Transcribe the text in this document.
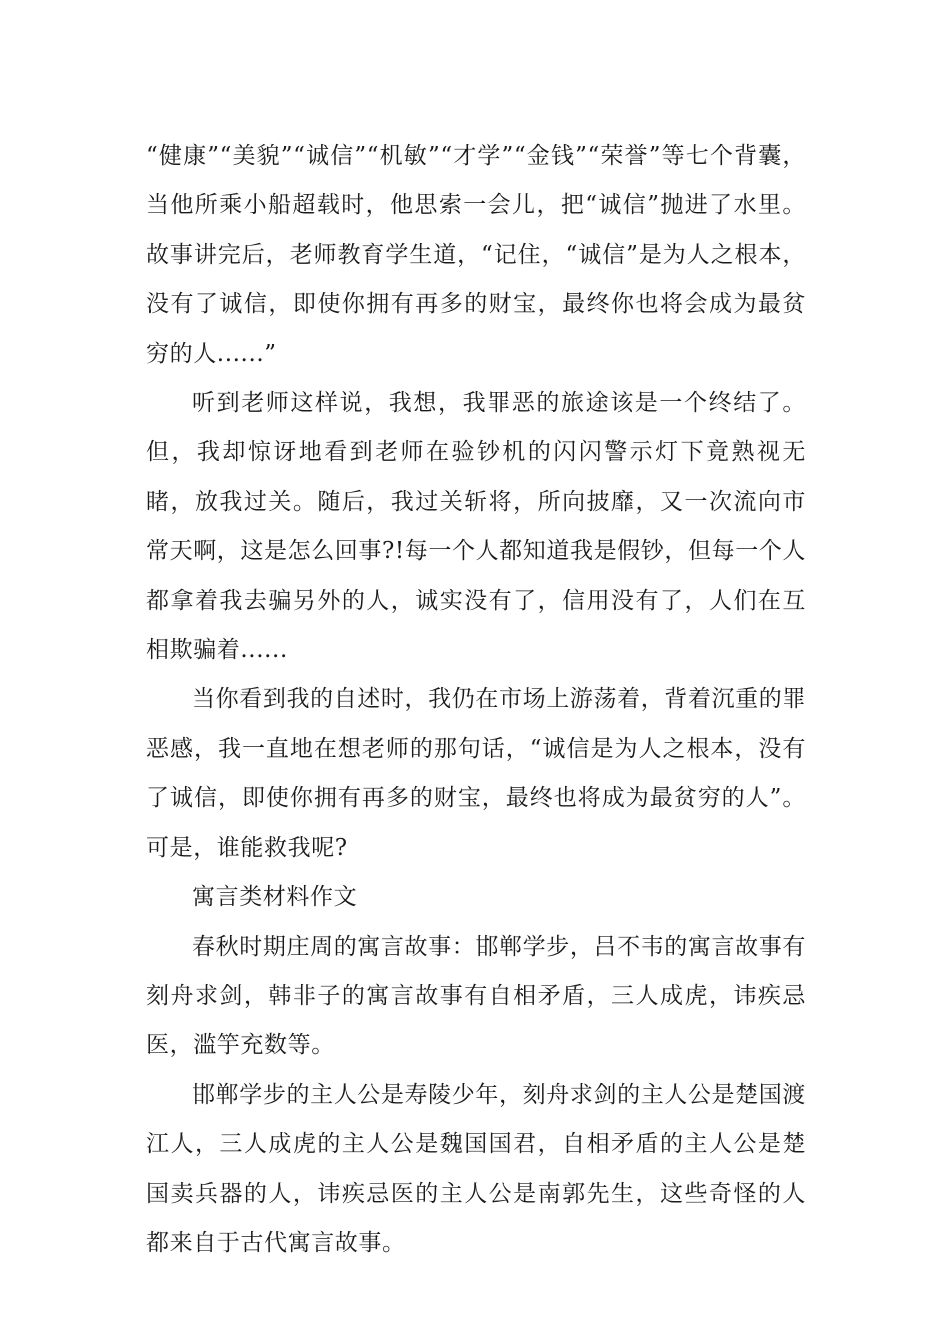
“健康”“美貌”“诚信”“机敏”“才学”“金钱”“荣誉”等七个背囊，当他所乘小船超载时，他思索一会儿，把“诚信”抛进了水里。故事讲完后，老师教育学生道，“记住，“诚信”是为人之根本，没有了诚信，即使你拥有再多的财宝，最终你也将会成为最贫穷的人......”

听到老师这样说，我想，我罪恶的旅途该是一个终结了。但，我却惊讶地看到老师在验钞机的闪闪警示灯下竟熟视无睹，放我过关。随后，我过关斩将，所向披靡，又一次流向市常天啊，这是怎么回事?!每一个人都知道我是假钞，但每一个人都拿着我去骗另外的人，诚实没有了，信用没有了，人们在互相欺骗着......

当你看到我的自述时，我仍在市场上游荡着，背着沉重的罪恶感，我一直地在想老师的那句话，“诚信是为人之根本，没有了诚信，即使你拥有再多的财宝，最终也将成为最贫穷的人”。可是，谁能救我呢?

寓言类材料作文

春秋时期庄周的寓言故事：邯郸学步，吕不韦的寓言故事有刻舟求剑，韩非子的寓言故事有自相矛盾，三人成虎，讳疾忌医，滥竽充数等。

邯郸学步的主人公是寿陵少年，刻舟求剑的主人公是楚国渡江人，三人成虎的主人公是魏国国君，自相矛盾的主人公是楚国卖兵器的人，讳疾忌医的主人公是南郭先生，这些奇怪的人都来自于古代寓言故事。
